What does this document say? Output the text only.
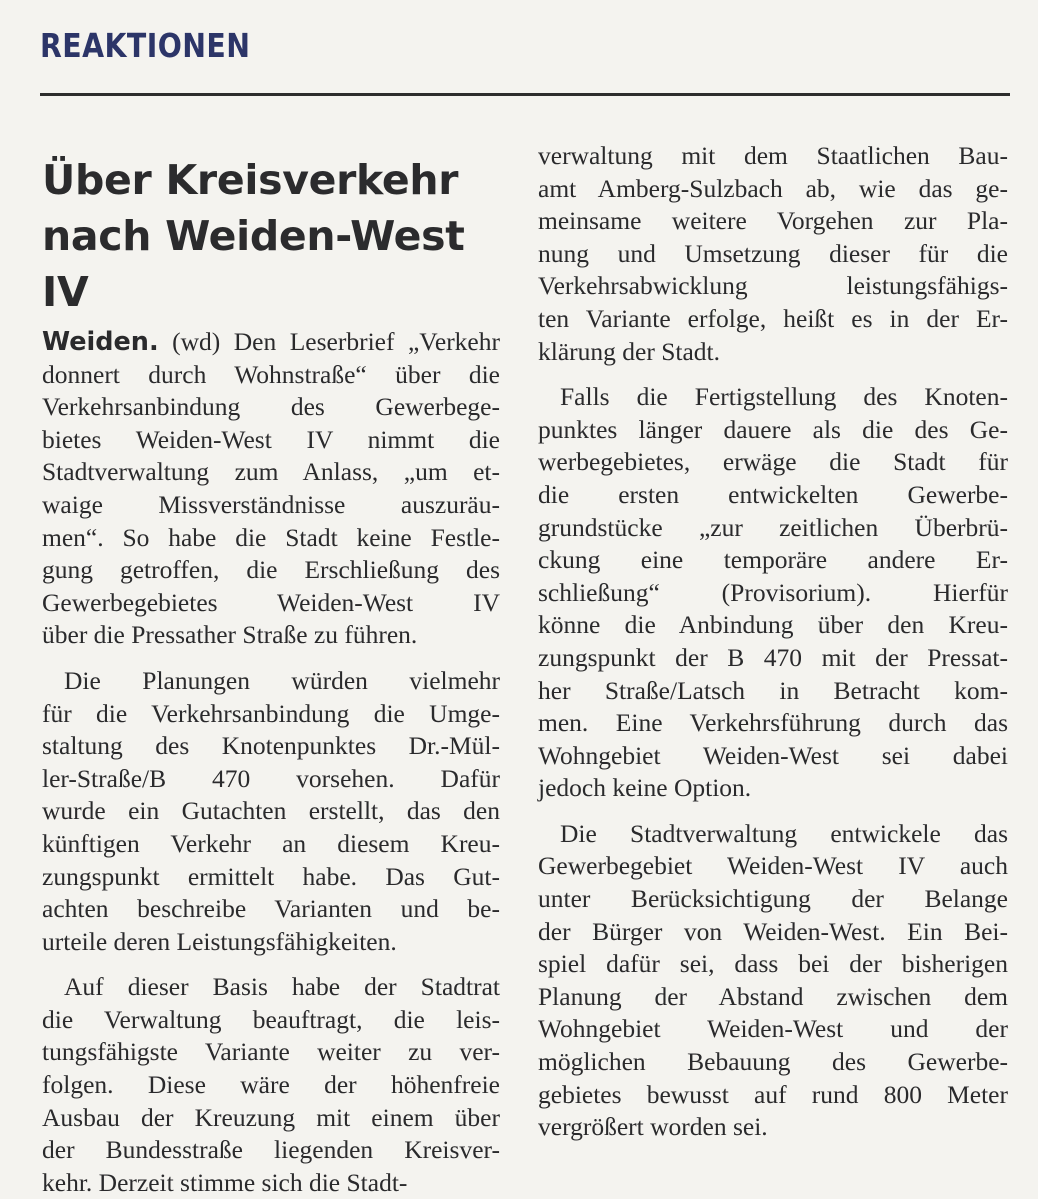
REAKTIONEN
Über Kreisverkehr
nach Weiden-West IV

Weiden. (wd) Den Leserbrief „Verkehr
donnert durch Wohnstraße“ über die
Verkehrsanbindung des Gewerbege-
bietes Weiden-West IV nimmt die
Stadtverwaltung zum Anlass, „um et-
waige Missverständnisse auszuräu-
men“. So habe die Stadt keine Festle-
gung getroffen, die Erschließung des
Gewerbegebietes Weiden-West IV
über die Pressather Straße zu führen.

Die Planungen würden vielmehr
für die Verkehrsanbindung die Umge-
staltung des Knotenpunktes Dr.-Mül-
ler-Straße/B 470 vorsehen. Dafür
wurde ein Gutachten erstellt, das den
künftigen Verkehr an diesem Kreu-
zungspunkt ermittelt habe. Das Gut-
achten beschreibe Varianten und be-
urteile deren Leistungsfähigkeiten.

Auf dieser Basis habe der Stadtrat
die Verwaltung beauftragt, die leis-
tungsfähigste Variante weiter zu ver-
folgen. Diese wäre der höhenfreie
Ausbau der Kreuzung mit einem über
der Bundesstraße liegenden Kreisver-
kehr. Derzeit stimme sich die Stadt-

verwaltung mit dem Staatlichen Bau-
amt Amberg-Sulzbach ab, wie das ge-
meinsame weitere Vorgehen zur Pla-
nung und Umsetzung dieser für die
Verkehrsabwicklung leistungsfähigs-
ten Variante erfolge, heißt es in der Er-
klärung der Stadt.

Falls die Fertigstellung des Knoten-
punktes länger dauere als die des Ge-
werbegebietes, erwäge die Stadt für
die ersten entwickelten Gewerbe-
grundstücke „zur zeitlichen Überbrü-
ckung eine temporäre andere Er-
schließung“ (Provisorium). Hierfür
könne die Anbindung über den Kreu-
zungspunkt der B 470 mit der Pressat-
her Straße/Latsch in Betracht kom-
men. Eine Verkehrsführung durch das
Wohngebiet Weiden-West sei dabei
jedoch keine Option.

Die Stadtverwaltung entwickele das
Gewerbegebiet Weiden-West IV auch
unter Berücksichtigung der Belange
der Bürger von Weiden-West. Ein Bei-
spiel dafür sei, dass bei der bisherigen
Planung der Abstand zwischen dem
Wohngebiet Weiden-West und der
möglichen Bebauung des Gewerbe-
gebietes bewusst auf rund 800 Meter
vergrößert worden sei.
